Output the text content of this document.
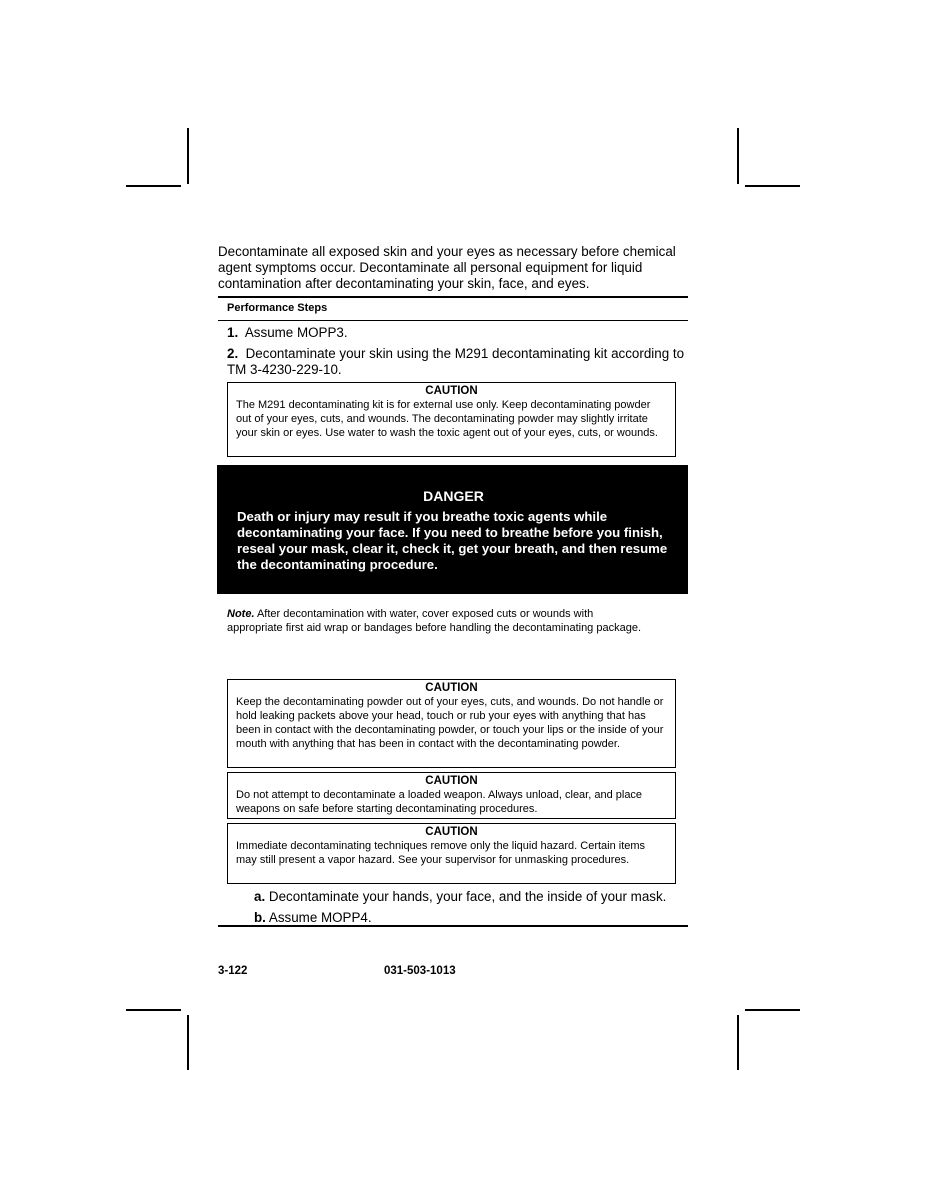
Decontaminate all exposed skin and your eyes as necessary before chemical agent symptoms occur. Decontaminate all personal equipment for liquid contamination after decontaminating your skin, face, and eyes.

Performance Steps

1. Assume MOPP3.

2. Decontaminate your skin using the M291 decontaminating kit according to TM 3-4230-229-10.

CAUTION

The M291 decontaminating kit is for external use only. Keep decontaminating powder out of your eyes, cuts, and wounds. The decontaminating powder may slightly irritate your skin or eyes. Use water to wash the toxic agent out of your eyes, cuts, or wounds.

DANGER

Death or injury may result if you breathe toxic agents while decontaminating your face. If you need to breathe before you finish, reseal your mask, clear it, check it, get your breath, and then resume the decontaminating procedure.

Note. After decontamination with water, cover exposed cuts or wounds with appropriate first aid wrap or bandages before handling the decontaminating package.

CAUTION

Keep the decontaminating powder out of your eyes, cuts, and wounds. Do not handle or hold leaking packets above your head, touch or rub your eyes with anything that has been in contact with the decontaminating powder, or touch your lips or the inside of your mouth with anything that has been in contact with the decontaminating powder.

CAUTION

Do not attempt to decontaminate a loaded weapon. Always unload, clear, and place weapons on safe before starting decontaminating procedures.

CAUTION

Immediate decontaminating techniques remove only the liquid hazard. Certain items may still present a vapor hazard. See your supervisor for unmasking procedures.

a. Decontaminate your hands, your face, and the inside of your mask.

b. Assume MOPP4.

3-122	031-503-1013
